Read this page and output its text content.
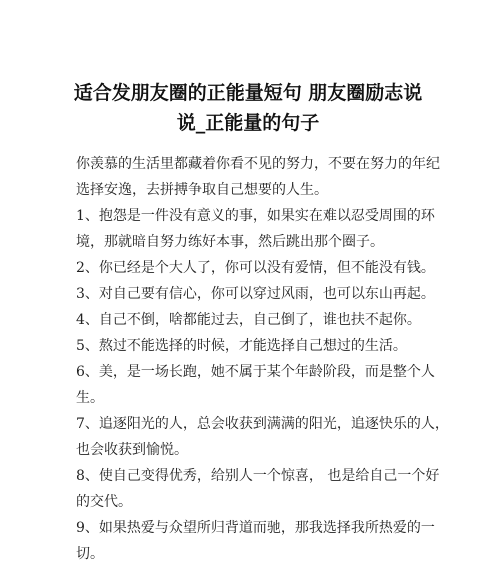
适合发朋友圈的正能量短句 朋友圈励志说
说_正能量的句子

你羡慕的生活里都藏着你看不见的努力，不要在努力的年纪
选择安逸，去拼搏争取自己想要的人生。

1、抱怨是一件没有意义的事，如果实在难以忍受周围的环
境，那就暗自努力练好本事，然后跳出那个圈子。

2、你已经是个大人了，你可以没有爱情，但不能没有钱。

3、对自己要有信心，你可以穿过风雨，也可以东山再起。

4、自己不倒，啥都能过去，自己倒了，谁也扶不起你。

5、熬过不能选择的时候，才能选择自己想过的生活。

6、美，是一场长跑，她不属于某个年龄阶段，而是整个人
生。

7、追逐阳光的人，总会收获到满满的阳光，追逐快乐的人，
也会收获到愉悦。

8、使自己变得优秀，给别人一个惊喜， 也是给自己一个好
的交代。

9、如果热爱与众望所归背道而驰，那我选择我所热爱的一
切。
